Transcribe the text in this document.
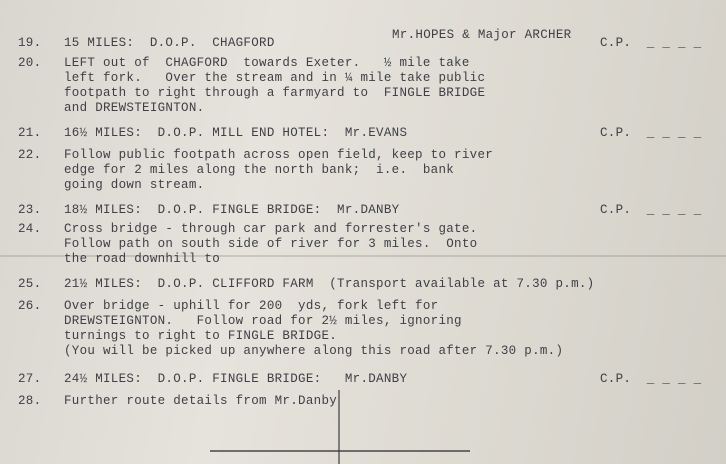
Mr.HOPES & Major ARCHER

19. 15 MILES:  D.O.P.  CHAGFORD	C.P.  _ _ _ _
20. LEFT out of  CHAGFORD  towards Exeter.   ½ mile take
left fork.   Over the stream and in ¼ mile take public
footpath to right through a farmyard to  FINGLE BRIDGE
and DREWSTEIGNTON.
21. 16½ MILES:  D.O.P. MILL END HOTEL:  Mr.EVANS	C.P.  _ _ _ _
22. Follow public footpath across open field, keep to river
edge for 2 miles along the north bank;  i.e.  bank
going down stream.
23. 18½ MILES:  D.O.P. FINGLE BRIDGE:  Mr.DANBY	C.P.  _ _ _ _
24. Cross bridge - through car park and forrester's gate.
Follow path on south side of river for 3 miles.  Onto
the road downhill to
25. 21½ MILES:  D.O.P. CLIFFORD FARM  (Transport available at 7.30 p.m.)
26. Over bridge - uphill for 200  yds, fork left for
DREWSTEIGNTON.   Follow road for 2½ miles, ignoring
turnings to right to FINGLE BRIDGE.
(You will be picked up anywhere along this road after 7.30 p.m.)
27. 24½ MILES:  D.O.P. FINGLE BRIDGE:   Mr.DANBY	C.P.  _ _ _ _
28. Further route details from Mr.Danby
